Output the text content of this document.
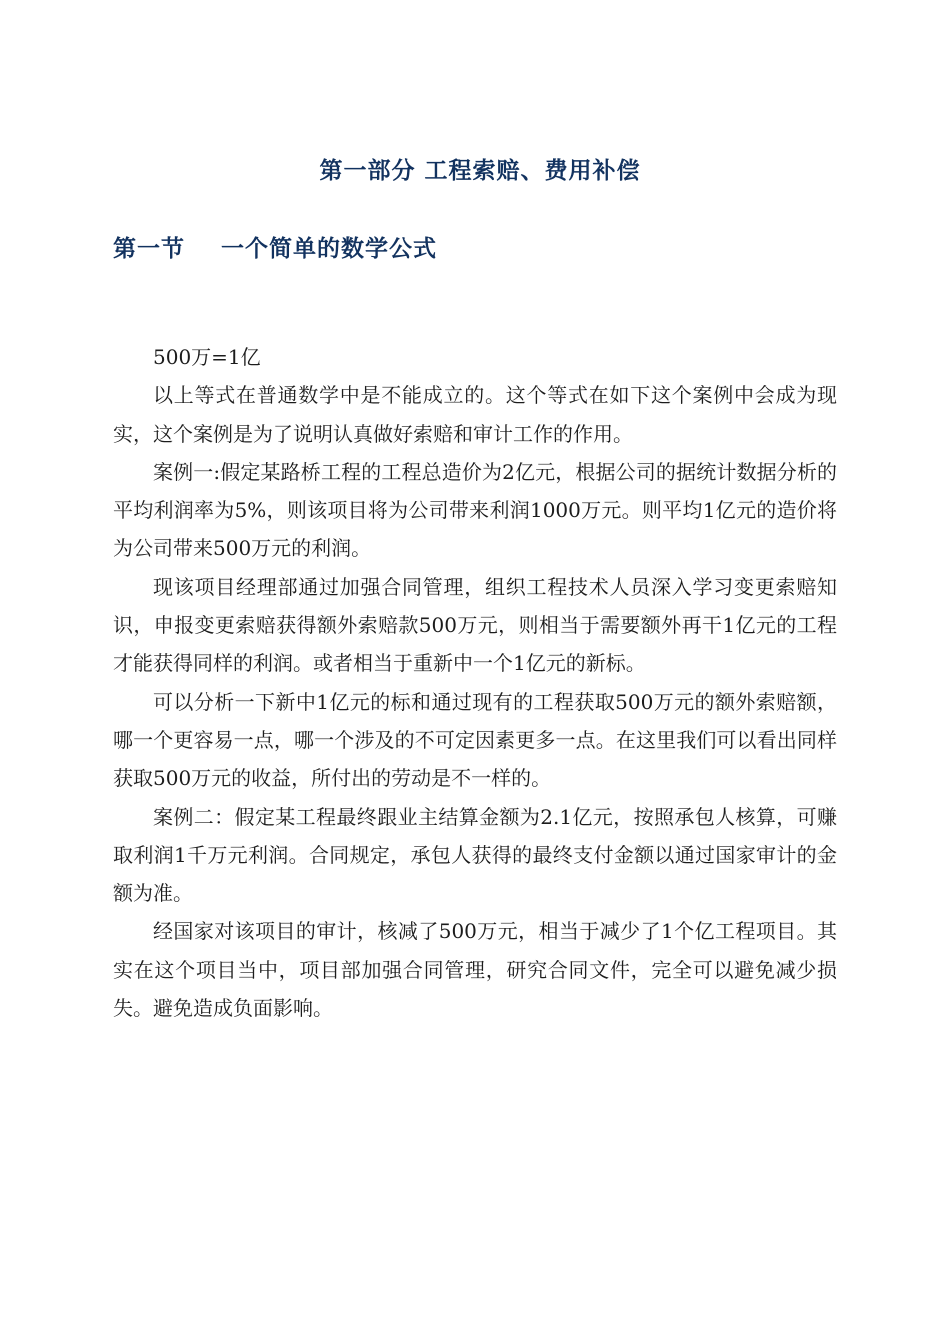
第一部分 工程索赔、费用补偿
第一节    一个简单的数学公式

500万=1亿

以上等式在普通数学中是不能成立的。这个等式在如下这个案例中会成为现实，这个案例是为了说明认真做好索赔和审计工作的作用。

案例一:假定某路桥工程的工程总造价为2亿元，根据公司的据统计数据分析的平均利润率为5%，则该项目将为公司带来利润1000万元。则平均1亿元的造价将为公司带来500万元的利润。

现该项目经理部通过加强合同管理，组织工程技术人员深入学习变更索赔知识，申报变更索赔获得额外索赔款500万元，则相当于需要额外再干1亿元的工程才能获得同样的利润。或者相当于重新中一个1亿元的新标。

可以分析一下新中1亿元的标和通过现有的工程获取500万元的额外索赔额，哪一个更容易一点，哪一个涉及的不可定因素更多一点。在这里我们可以看出同样获取500万元的收益，所付出的劳动是不一样的。

案例二：假定某工程最终跟业主结算金额为2.1亿元，按照承包人核算，可赚取利润1千万元利润。合同规定，承包人获得的最终支付金额以通过国家审计的金额为准。

经国家对该项目的审计，核减了500万元，相当于减少了1个亿工程项目。其实在这个项目当中，项目部加强合同管理，研究合同文件，完全可以避免减少损失。避免造成负面影响。
